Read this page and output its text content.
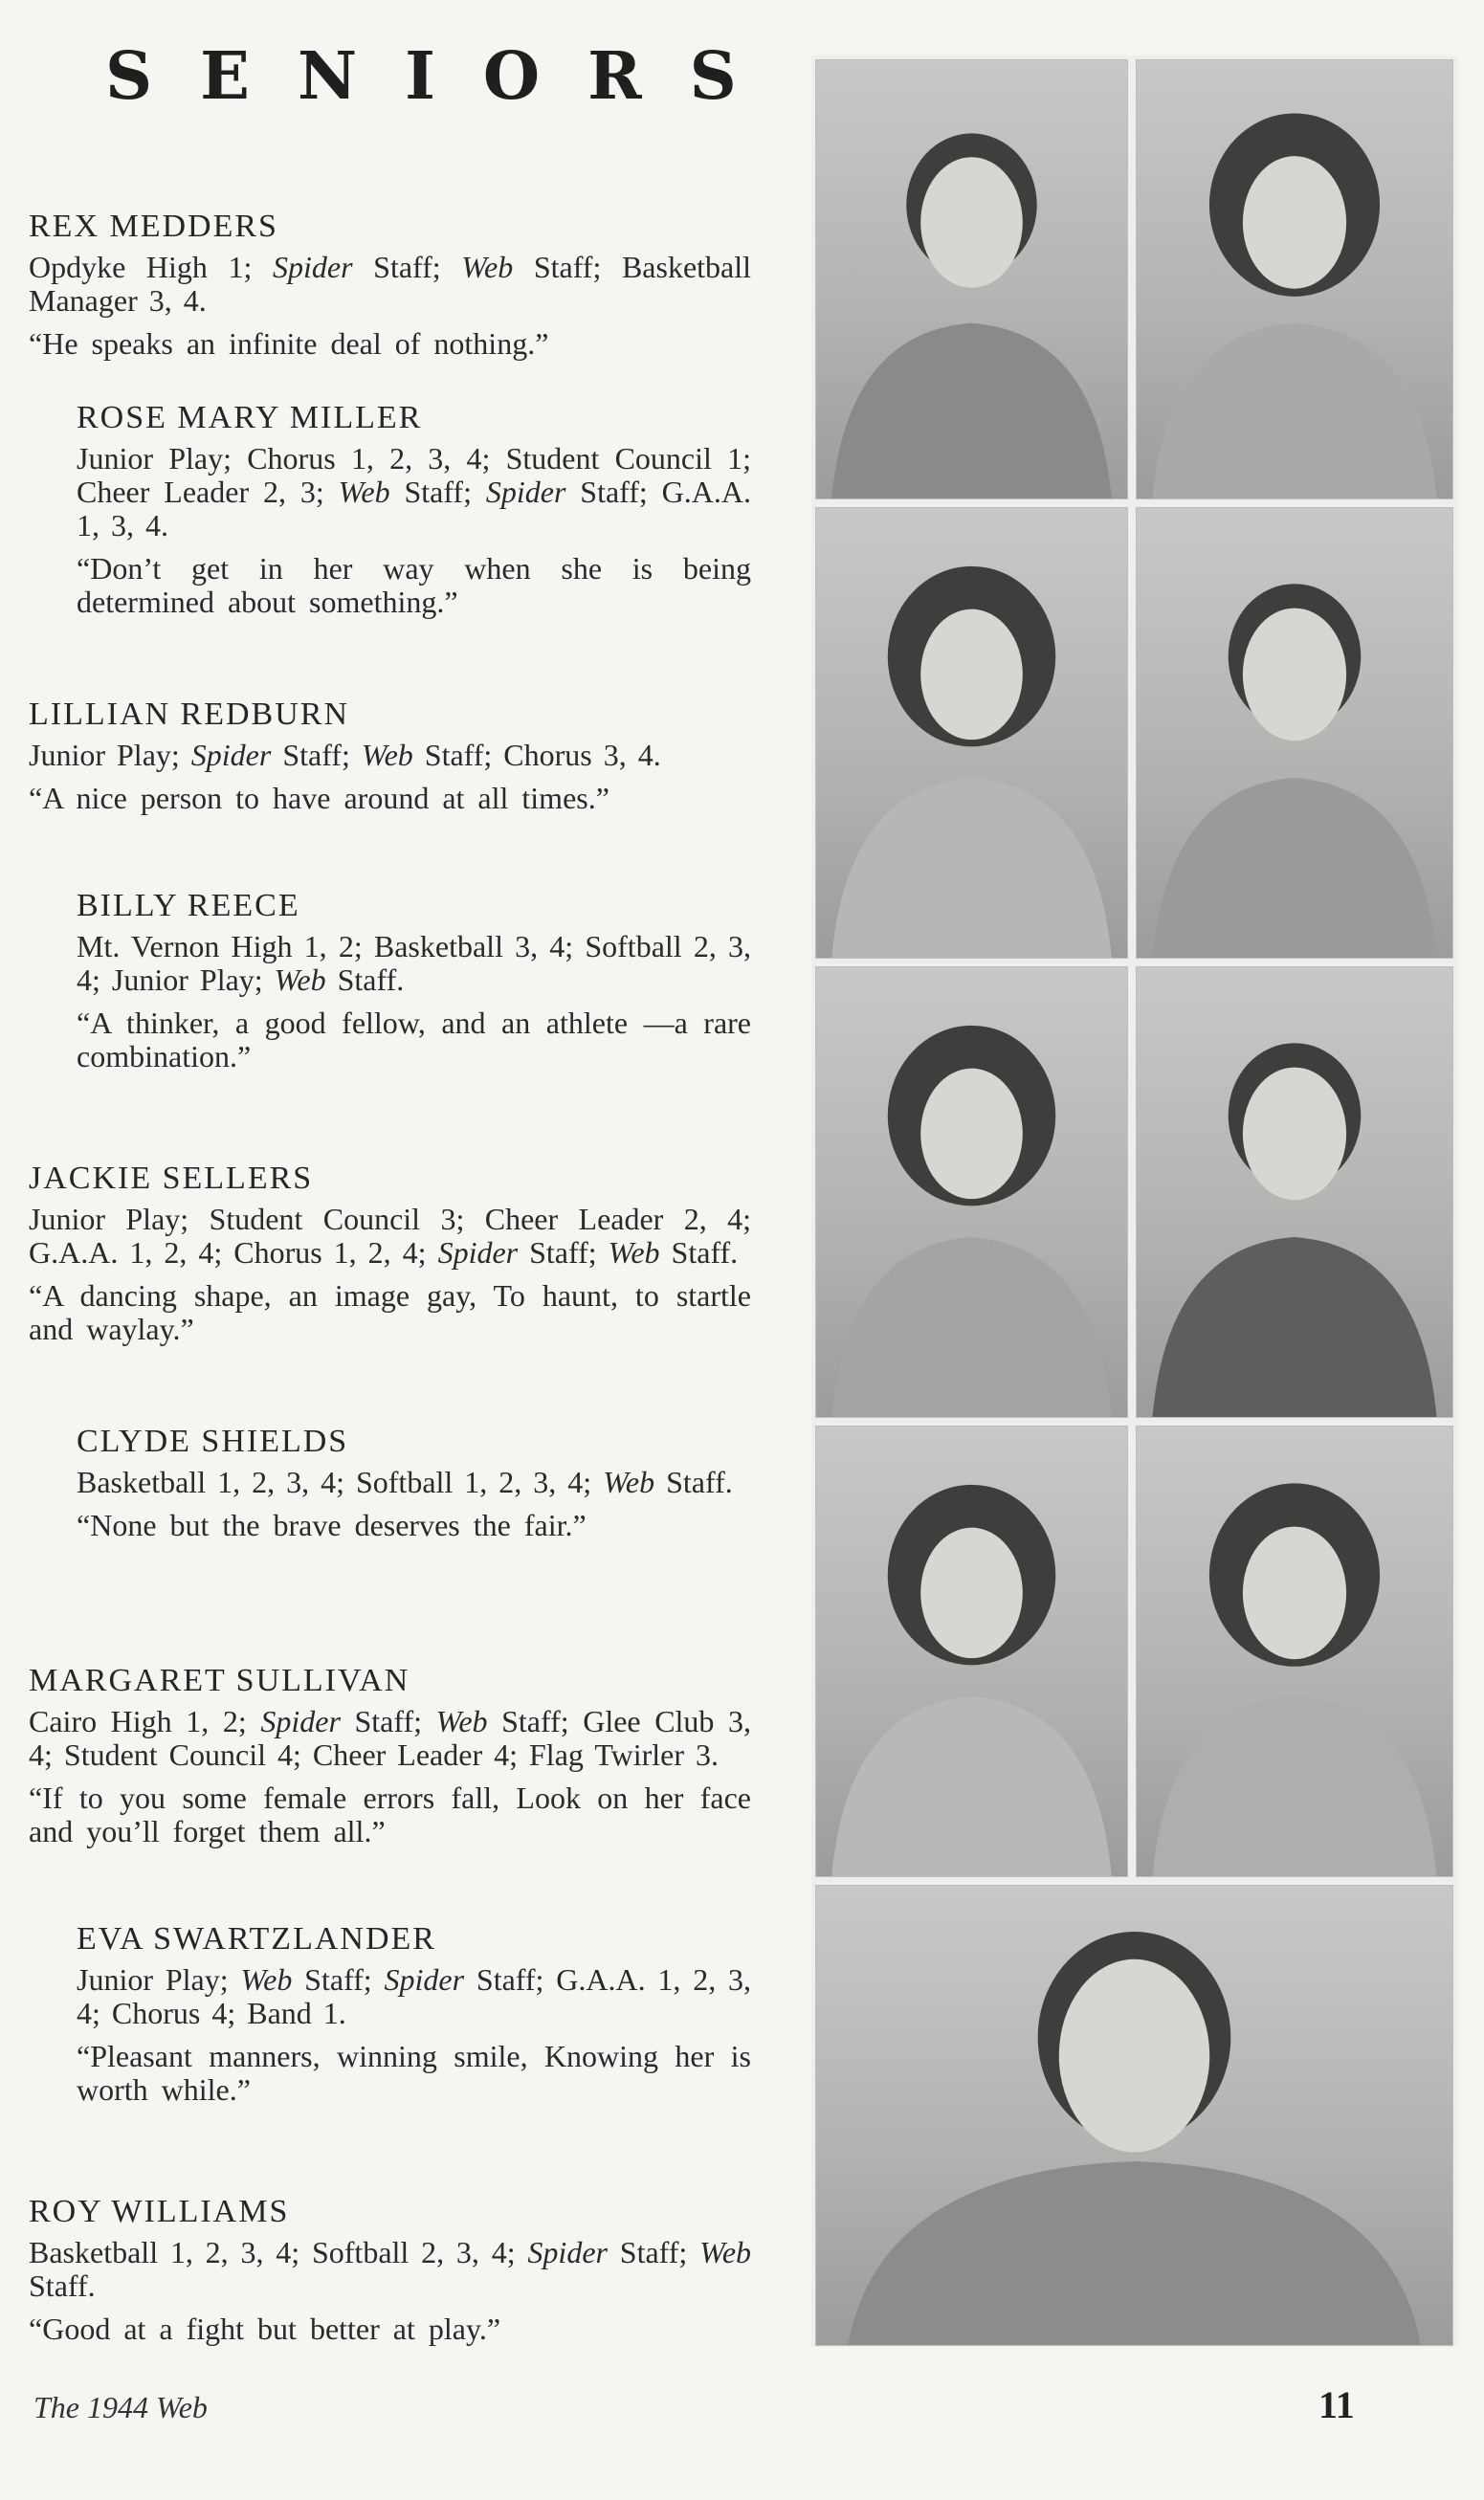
SENIORS
REX MEDDERS

Opdyke High 1; Spider Staff; Web Staff; Basketball Manager 3, 4.

“He speaks an infinite deal of nothing.”

ROSE MARY MILLER

Junior Play; Chorus 1, 2, 3, 4; Student Council 1; Cheer Leader 2, 3; Web Staff; Spider Staff; G.A.A. 1, 3, 4.

“Don’t get in her way when she is being determined about something.”

LILLIAN REDBURN

Junior Play; Spider Staff; Web Staff; Chorus 3, 4.

“A nice person to have around at all times.”

BILLY REECE

Mt. Vernon High 1, 2; Basketball 3, 4; Softball 2, 3, 4; Junior Play; Web Staff.

“A thinker, a good fellow, and an athlete —a rare combination.”

JACKIE SELLERS

Junior Play; Student Council 3; Cheer Leader 2, 4; G.A.A. 1, 2, 4; Chorus 1, 2, 4; Spider Staff; Web Staff.

“A dancing shape, an image gay, To haunt, to startle and waylay.”

CLYDE SHIELDS

Basketball 1, 2, 3, 4; Softball 1, 2, 3, 4; Web Staff.

“None but the brave deserves the fair.”

MARGARET SULLIVAN

Cairo High 1, 2; Spider Staff; Web Staff; Glee Club 3, 4; Student Council 4; Cheer Leader 4; Flag Twirler 3.

“If to you some female errors fall, Look on her face and you’ll forget them all.”

EVA SWARTZLANDER

Junior Play; Web Staff; Spider Staff; G.A.A. 1, 2, 3, 4; Chorus 4; Band 1.

“Pleasant manners, winning smile, Knowing her is worth while.”

ROY WILLIAMS

Basketball 1, 2, 3, 4; Softball 2, 3, 4; Spider Staff; Web Staff.

“Good at a fight but better at play.”

The 1944 Web	11
